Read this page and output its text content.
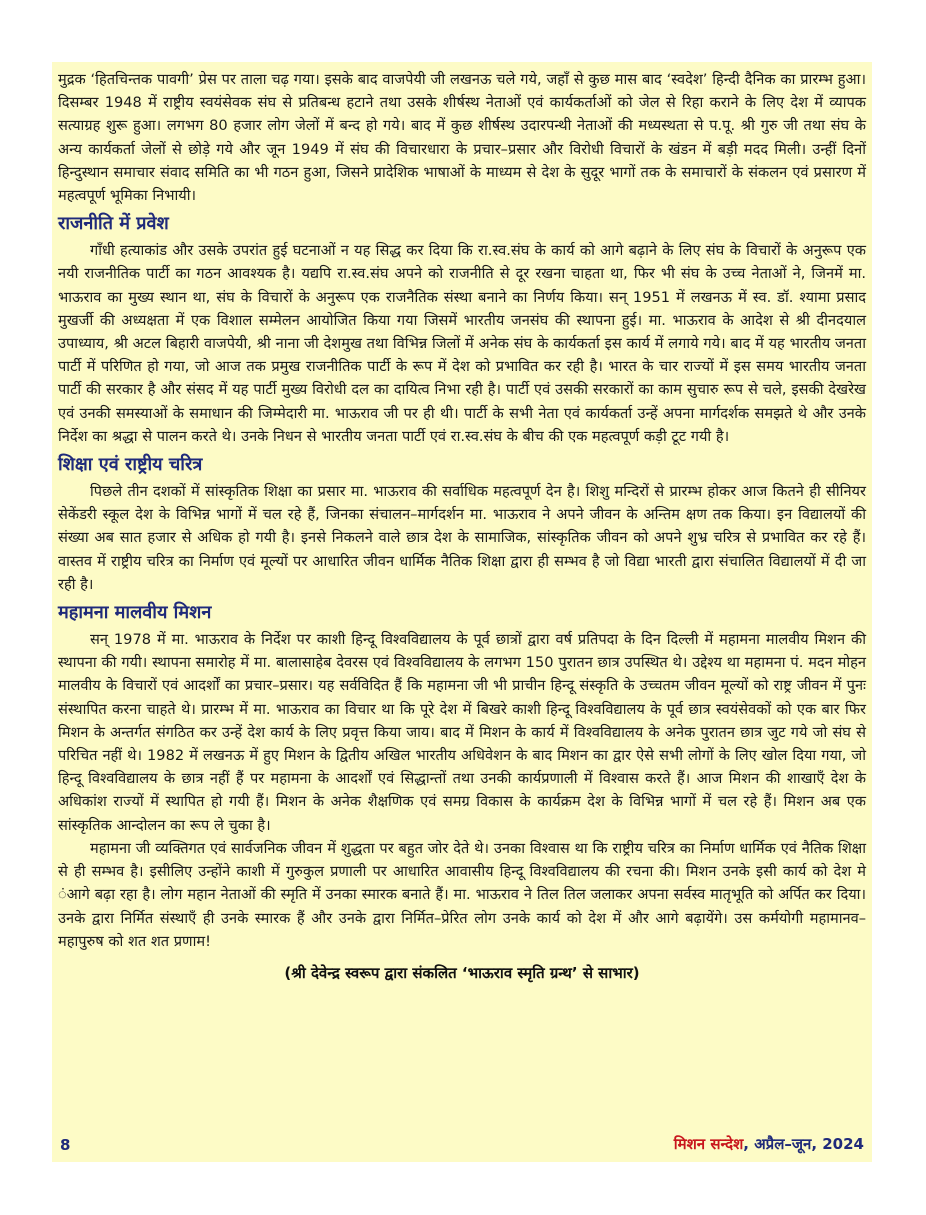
मुद्रक ‘हितचिन्तक पावगी’ प्रेस पर ताला चढ़ गया। इसके बाद वाजपेयी जी लखनऊ चले गये, जहाँ से कुछ मास बाद ‘स्वदेश’ हिन्दी दैनिक का प्रारम्भ हुआ। दिसम्बर 1948 में राष्ट्रीय स्वयंसेवक संघ से प्रतिबन्ध हटाने तथा उसके शीर्षस्थ नेताओं एवं कार्यकर्ताओं को जेल से रिहा कराने के लिए देश में व्यापक सत्याग्रह शुरू हुआ। लगभग 80 हजार लोग जेलों में बन्द हो गये। बाद में कुछ शीर्षस्थ उदारपन्थी नेताओं की मध्यस्थता से प.पू. श्री गुरु जी तथा संघ के अन्य कार्यकर्ता जेलों से छोड़े गये और जून 1949 में संघ की विचारधारा के प्रचार–प्रसार और विरोधी विचारों के खंडन में बड़ी मदद मिली। उन्हीं दिनों हिन्दुस्थान समाचार संवाद समिति का भी गठन हुआ, जिसने प्रादेशिक भाषाओं के माध्यम से देश के सुदूर भागों तक के समाचारों के संकलन एवं प्रसारण में महत्वपूर्ण भूमिका निभायी।

राजनीति में प्रवेश

गाँधी हत्याकांड और उसके उपरांत हुई घटनाओं न यह सिद्ध कर दिया कि रा.स्व.संघ के कार्य को आगे बढ़ाने के लिए संघ के विचारों के अनुरूप एक नयी राजनीतिक पार्टी का गठन आवश्यक है। यद्यपि रा.स्व.संघ अपने को राजनीति से दूर रखना चाहता था, फिर भी संघ के उच्च नेताओं ने, जिनमें मा. भाऊराव का मुख्य स्थान था, संघ के विचारों के अनुरूप एक राजनैतिक संस्था बनाने का निर्णय किया। सन् 1951 में लखनऊ में स्व. डॉ. श्यामा प्रसाद मुखर्जी की अध्यक्षता में एक विशाल सम्मेलन आयोजित किया गया जिसमें भारतीय जनसंघ की स्थापना हुई। मा. भाऊराव के आदेश से श्री दीनदयाल उपाध्याय, श्री अटल बिहारी वाजपेयी, श्री नाना जी देशमुख तथा विभिन्न जिलों में अनेक संघ के कार्यकर्ता इस कार्य में लगाये गये। बाद में यह भारतीय जनता पार्टी में परिणित हो गया, जो आज तक प्रमुख राजनीतिक पार्टी के रूप में देश को प्रभावित कर रही है। भारत के चार राज्यों में इस समय भारतीय जनता पार्टी की सरकार है और संसद में यह पार्टी मुख्य विरोधी दल का दायित्व निभा रही है। पार्टी एवं उसकी सरकारों का काम सुचारु रूप से चले, इसकी देखरेख एवं उनकी समस्याओं के समाधान की जिम्मेदारी मा. भाऊराव जी पर ही थी। पार्टी के सभी नेता एवं कार्यकर्ता उन्हें अपना मार्गदर्शक समझते थे और उनके निर्देश का श्रद्धा से पालन करते थे। उनके निधन से भारतीय जनता पार्टी एवं रा.स्व.संघ के बीच की एक महत्वपूर्ण कड़ी टूट गयी है।

शिक्षा एवं राष्ट्रीय चरित्र

पिछले तीन दशकों में सांस्कृतिक शिक्षा का प्रसार मा. भाऊराव की सर्वाधिक महत्वपूर्ण देन है। शिशु मन्दिरों से प्रारम्भ होकर आज कितने ही सीनियर सेकेंडरी स्कूल देश के विभिन्न भागों में चल रहे हैं, जिनका संचालन–मार्गदर्शन मा. भाऊराव ने अपने जीवन के अन्तिम क्षण तक किया। इन विद्यालयों की संख्या अब सात हजार से अधिक हो गयी है। इनसे निकलने वाले छात्र देश के सामाजिक, सांस्कृतिक जीवन को अपने शुभ्र चरित्र से प्रभावित कर रहे हैं। वास्तव में राष्ट्रीय चरित्र का निर्माण एवं मूल्यों पर आधारित जीवन धार्मिक नैतिक शिक्षा द्वारा ही सम्भव है जो विद्या भारती द्वारा संचालित विद्यालयों में दी जा रही है।

महामना मालवीय मिशन

सन् 1978 में मा. भाऊराव के निर्देश पर काशी हिन्दू विश्वविद्यालय के पूर्व छात्रों द्वारा वर्ष प्रतिपदा के दिन दिल्ली में महामना मालवीय मिशन की स्थापना की गयी। स्थापना समारोह में मा. बालासाहेब देवरस एवं विश्वविद्यालय के लगभग 150 पुरातन छात्र उपस्थित थे। उद्देश्य था महामना पं. मदन मोहन मालवीय के विचारों एवं आदर्शों का प्रचार–प्रसार। यह सर्वविदित हैं कि महामना जी भी प्राचीन हिन्दू संस्कृति के उच्चतम जीवन मूल्यों को राष्ट्र जीवन में पुनः संस्थापित करना चाहते थे। प्रारम्भ में मा. भाऊराव का विचार था कि पूरे देश में बिखरे काशी हिन्दू विश्वविद्यालय के पूर्व छात्र स्वयंसेवकों को एक बार फिर मिशन के अन्तर्गत संगठित कर उन्हें देश कार्य के लिए प्रवृत्त किया जाय। बाद में मिशन के कार्य में विश्वविद्यालय के अनेक पुरातन छात्र जुट गये जो संघ से परिचित नहीं थे। 1982 में लखनऊ में हुए मिशन के द्वितीय अखिल भारतीय अधिवेशन के बाद मिशन का द्वार ऐसे सभी लोगों के लिए खोल दिया गया, जो हिन्दू विश्वविद्यालय के छात्र नहीं हैं पर महामना के आदर्शों एवं सिद्धान्तों तथा उनकी कार्यप्रणाली में विश्वास करते हैं। आज मिशन की शाखाएँ देश के अधिकांश राज्यों में स्थापित हो गयी हैं। मिशन के अनेक शैक्षणिक एवं समग्र विकास के कार्यक्रम देश के विभिन्न भागों में चल रहे हैं। मिशन अब एक सांस्कृतिक आन्दोलन का रूप ले चुका है।

महामना जी व्यक्तिगत एवं सार्वजनिक जीवन में शुद्धता पर बहुत जोर देते थे। उनका विश्वास था कि राष्ट्रीय चरित्र का निर्माण धार्मिक एवं नैतिक शिक्षा से ही सम्भव है। इसीलिए उन्होंने काशी में गुरुकुल प्रणाली पर आधारित आवासीय हिन्दू विश्वविद्यालय की रचना की। मिशन उनके इसी कार्य को देश मे ंआगे बढ़ा रहा है। लोग महान नेताओं की स्मृति में उनका स्मारक बनाते हैं। मा. भाऊराव ने तिल तिल जलाकर अपना सर्वस्व मातृभूति को अर्पित कर दिया। उनके द्वारा निर्मित संस्थाएँ ही उनके स्मारक हैं और उनके द्वारा निर्मित–प्रेरित लोग उनके कार्य को देश में और आगे बढ़ायेंगे। उस कर्मयोगी महामानव–महापुरुष को शत शत प्रणाम!

(श्री देवेन्द्र स्वरूप द्वारा संकलित ‘भाऊराव स्मृति ग्रन्थ’ से साभार)

8	मिशन सन्देश, अप्रैल–जून, 2024
